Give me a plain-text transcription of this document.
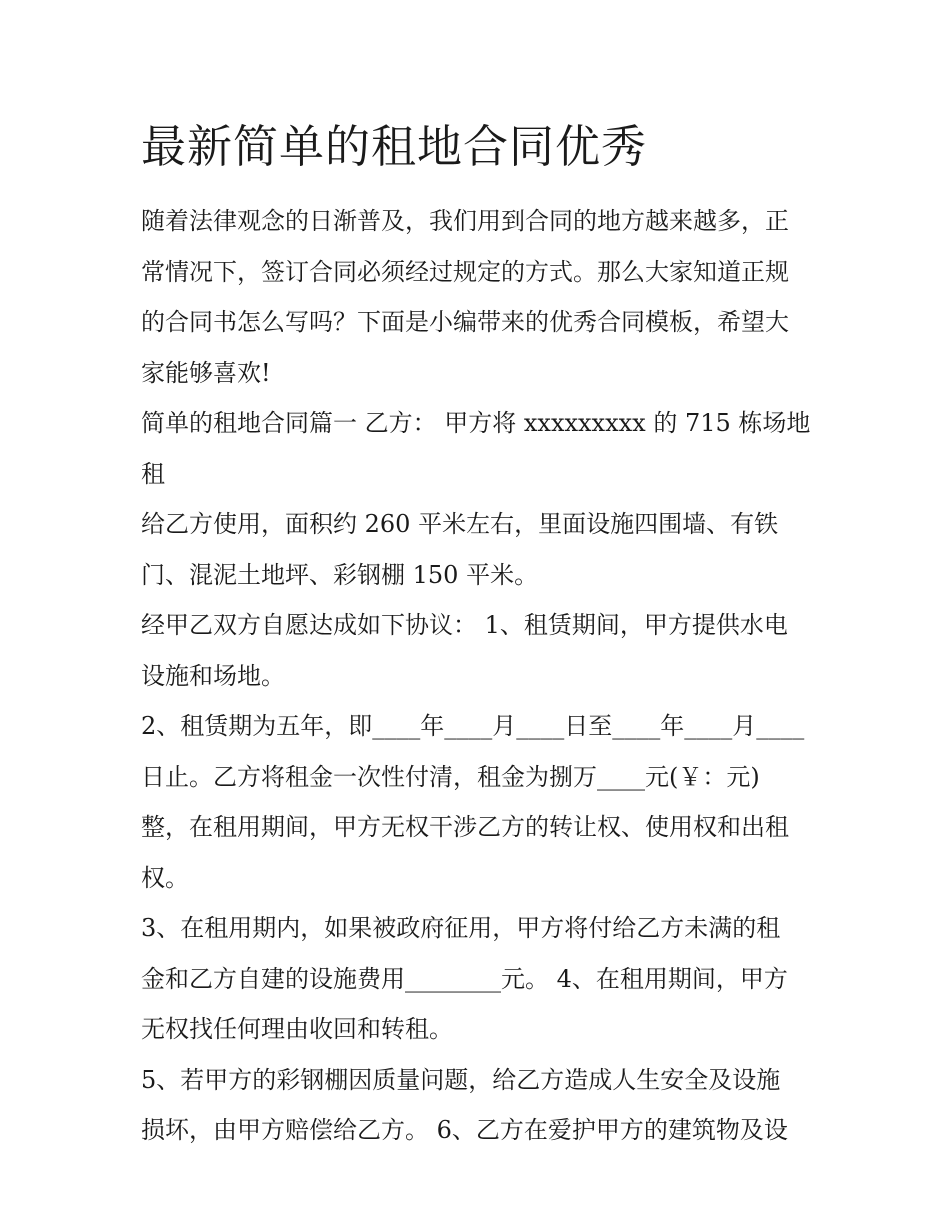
最新简单的租地合同优秀

随着法律观念的日渐普及，我们用到合同的地方越来越多，正
常情况下，签订合同必须经过规定的方式。那么大家知道正规
的合同书怎么写吗？下面是小编带来的优秀合同模板，希望大
家能够喜欢!

简单的租地合同篇一 乙方： 甲方将 xxxxxxxxx 的 715 栋场地租
给乙方使用，面积约 260 平米左右，里面设施四围墙、有铁
门、混泥土地坪、彩钢棚 150 平米。

经甲乙双方自愿达成如下协议： 1、租赁期间，甲方提供水电
设施和场地。

2、租赁期为五年，即____年____月____日至____年____月____
日止。乙方将租金一次性付清，租金为捌万____元(￥：元)
整，在租用期间，甲方无权干涉乙方的转让权、使用权和出租
权。

3、在租用期内，如果被政府征用，甲方将付给乙方未满的租
金和乙方自建的设施费用________元。 4、在租用期间，甲方
无权找任何理由收回和转租。

5、若甲方的彩钢棚因质量问题，给乙方造成人生安全及设施
损坏，由甲方赔偿给乙方。 6、乙方在爱护甲方的建筑物及设
